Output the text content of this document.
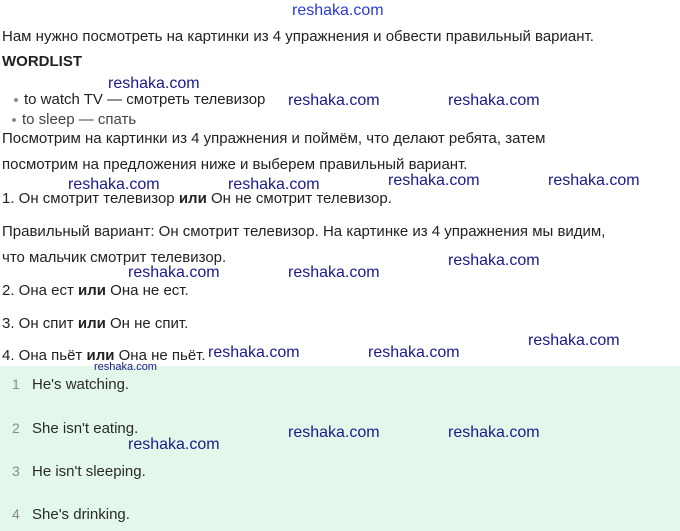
reshaka.com
Нам нужно посмотреть на картинки из 4 упражнения и обвести правильный вариант.
WORDLIST
to watch TV — смотреть телевизор
to sleep — спать
Посмотрим на картинки из 4 упражнения и поймём, что делают ребята, затем
посмотрим на предложения ниже и выберем правильный вариант.
1. Он смотрит телевизор или Он не смотрит телевизор.
Правильный вариант: Он смотрит телевизор. На картинке из 4 упражнения мы видим,
что мальчик смотрит телевизор.
2. Она ест или Она не ест.
3. Он спит или Он не спит.
4. Она пьёт или Она не пьёт.
1 He's watching.
2 She isn't eating.
3 He isn't sleeping.
4 She's drinking.
reshaka.com
reshaka.com	reshaka.com
reshaka.com	reshaka.com	reshaka.com	reshaka.com
reshaka.com
reshaka.com	reshaka.com
reshaka.com
reshaka.com	reshaka.com
reshaka.com
reshaka.com	reshaka.com
reshaka.com
